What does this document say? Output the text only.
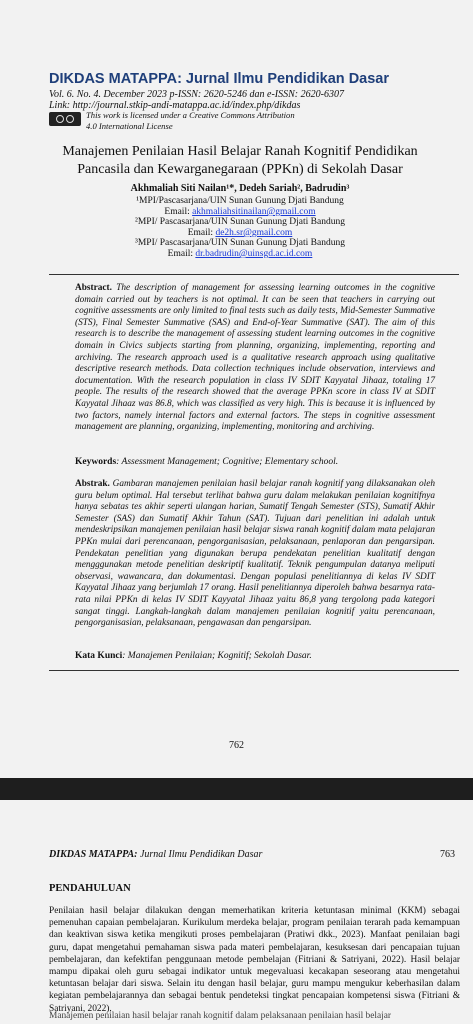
DIKDAS MATAPPA: Jurnal Ilmu Pendidikan Dasar
Vol. 6. No. 4. December 2023 p-ISSN: 2620-5246 dan e-ISSN: 2620-6307
Link: http://journal.stkip-andi-matappa.ac.id/index.php/dikdas
This work is licensed under a Creative Commons Attribution
4.0 International License
Manajemen Penilaian Hasil Belajar Ranah Kognitif Pendidikan
Pancasila dan Kewarganegaraan (PPKn) di Sekolah Dasar
Akhmaliah Siti Nailan¹*, Dedeh Sariah², Badrudin³
¹MPI/Pascasarjana/UIN Sunan Gunung Djati Bandung
Email: akhmaliahsitinailan@gmail.com
²MPI/ Pascasarjana/UIN Sunan Gunung Djati Bandung
Email: de2h.sr@gmail.com
³MPI/ Pascasarjana/UIN Sunan Gunung Djati Bandung
Email: dr.badrudin@uinsgd.ac.id.com

Abstract. The description of management for assessing learning outcomes in the cognitive domain carried out by teachers is not optimal. It can be seen that teachers in carrying out cognitive assessments are only limited to final tests such as daily tests, Mid-Semester Summative (STS), Final Semester Summative (SAS) and End-of-Year Summative (SAT). The aim of this research is to describe the management of assessing student learning outcomes in the cognitive domain in Civics subjects starting from planning, organizing, implementing, reporting and archiving. The research approach used is a qualitative research approach using qualitative descriptive research methods. Data collection techniques include observation, interviews and documentation. With the research population in class IV SDIT Kayyatal Jihaaz, totaling 17 people. The results of the research showed that the average PPKn score in class IV at SDIT Kayyatal Jihaaz was 86.8, which was classified as very high. This is because it is influenced by two factors, namely internal factors and external factors. The steps in cognitive assessment management are planning, organizing, implementing, monitoring and archiving.

Keywords: Assessment Management; Cognitive; Elementary school.

Abstrak. Gambaran manajemen penilaian hasil belajar ranah kognitif yang dilaksanakan oleh guru belum optimal. Hal tersebut terlihat bahwa guru dalam melakukan penilaian kognitifnya hanya sebatas tes akhir seperti ulangan harian, Sumatif Tengah Semester (STS), Sumatif Akhir Semester (SAS) dan Sumatif Akhir Tahun (SAT). Tujuan dari penelitian ini adalah untuk mendeskripsikan manajemen penilaian hasil belajar siswa ranah kognitif dalam mata pelajaran PPKn mulai dari perencanaan, pengorganisasian, pelaksanaan, penlaporan dan pengarsipan. Pendekatan penelitian yang digunakan berupa pendekatan penelitian kualitatif dengan mengggunakan metode penelitian deskriptif kualitatif. Teknik pengumpulan datanya meliputi observasi, wawancara, dan dokumentasi. Dengan populasi penelitiannya di kelas IV SDIT Kayyatal Jihaaz yang berjumlah 17 orang. Hasil penelitiannya diperoleh bahwa besarnya rata-rata nilai PPKn di kelas IV SDIT Kayyatal Jihaaz yaitu 86,8 yang tergolong pada kategori sangat tinggi. Langkah-langkah dalam manajemen penilaian kognitif yaitu perencanaan, pengorganisasian, pelaksanaan, pengawasan dan pengarsipan.

Kata Kunci: Manajemen Penilaian; Kognitif; Sekolah Dasar.

762
DIKDAS MATAPPA: Jurnal Ilmu Pendidikan Dasar	763
PENDAHULUAN

Penilaian hasil belajar dilakukan dengan memerhatikan kriteria ketuntasan minimal (KKM) sebagai pemenuhan capaian pembelajaran. Kurikulum merdeka belajar, program penilaian terarah pada kemampuan dan keaktivan siswa ketika mengikuti proses pembelajaran (Pratiwi dkk., 2023). Manfaat penilaian bagi guru, dapat mengetahui pemahaman siswa pada materi pembelajaran, kesuksesan dari pencapaian tujuan pembelajaran, dan kefektifan penggunaan metode pembelajan (Fitriani & Satriyani, 2022). Hasil belajar mampu dipakai oleh guru sebagai indikator untuk megevaluasi kecakapan seseorang atau mengetahui ketuntasan belajar dari siswa. Selain itu dengan hasil belajar, guru mampu mengukur keberhasilan dalam kegiatan pembelajarannya dan sebagai bentuk pendeteksi tingkat pencapaian kompetensi siswa (Fitriani & Satriyani, 2022).

Manajemen penilaian hasil belajar ranah kognitif dalam pelaksanaan penilaian hasil belajar
